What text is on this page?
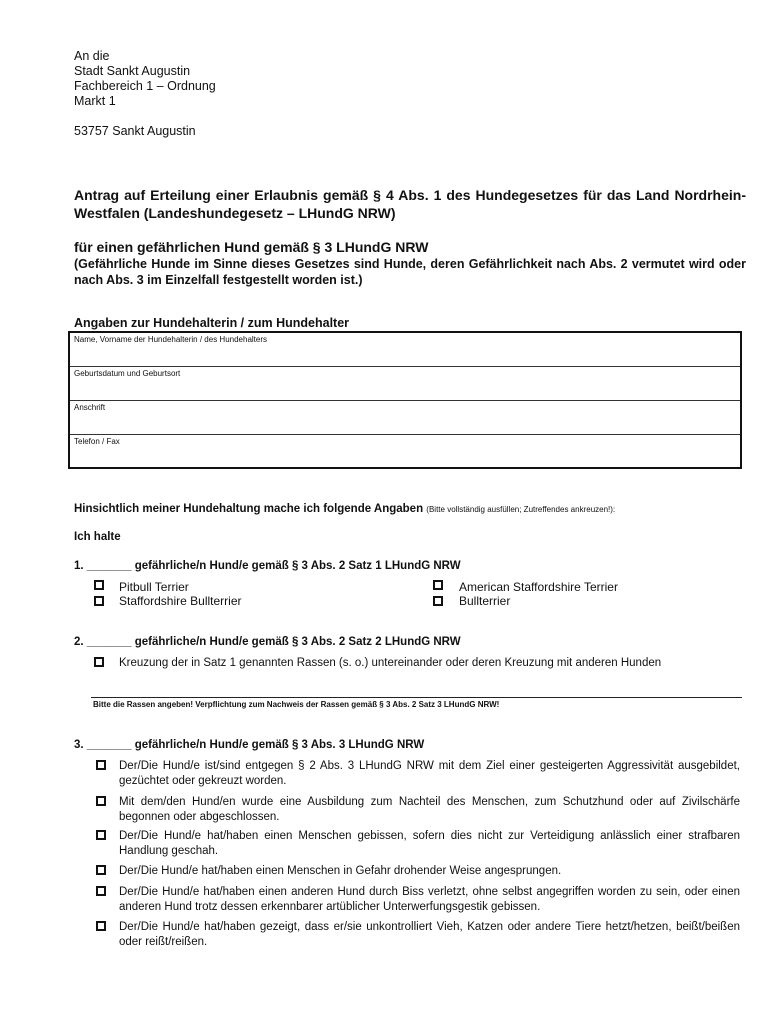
An die
Stadt Sankt Augustin
Fachbereich 1 – Ordnung
Markt 1
53757 Sankt Augustin
Antrag auf Erteilung einer Erlaubnis gemäß § 4 Abs. 1 des Hundegesetzes für das Land Nordrhein-Westfalen (Landeshundegesetz – LHundG NRW)
für einen gefährlichen Hund gemäß § 3 LHundG NRW
(Gefährliche Hunde im Sinne dieses Gesetzes sind Hunde, deren Gefährlichkeit nach Abs. 2 vermutet wird oder nach Abs. 3 im Einzelfall festgestellt worden ist.)
Angaben zur Hundehalterin / zum Hundehalter
Name, Vorname der Hundehalterin / des Hundehalters
Geburtsdatum und Geburtsort
Anschrift
Telefon / Fax
Hinsichtlich meiner Hundehaltung mache ich folgende Angaben (Bitte vollständig ausfüllen; Zutreffendes ankreuzen!):
Ich halte
1. _______ gefährliche/n Hund/e gemäß § 3 Abs. 2 Satz 1 LHundG NRW
Pitbull Terrier
Staffordshire Bullterrier
American Staffordshire Terrier
Bullterrier
2. _______ gefährliche/n Hund/e gemäß § 3 Abs. 2 Satz 2 LHundG NRW
Kreuzung der in Satz 1 genannten Rassen (s. o.) untereinander oder deren Kreuzung mit anderen Hunden
Bitte die Rassen angeben! Verpflichtung zum Nachweis der Rassen gemäß § 3 Abs. 2 Satz 3 LHundG NRW!
3. _______ gefährliche/n Hund/e gemäß § 3 Abs. 3 LHundG NRW
Der/Die Hund/e ist/sind entgegen § 2 Abs. 3 LHundG NRW mit dem Ziel einer gesteigerten Aggressivität ausgebildet, gezüchtet oder gekreuzt worden.
Mit dem/den Hund/en wurde eine Ausbildung zum Nachteil des Menschen, zum Schutzhund oder auf Zivilschärfe begonnen oder abgeschlossen.
Der/Die Hund/e hat/haben einen Menschen gebissen, sofern dies nicht zur Verteidigung anlässlich einer strafbaren Handlung geschah.
Der/Die Hund/e hat/haben einen Menschen in Gefahr drohender Weise angesprungen.
Der/Die Hund/e hat/haben einen anderen Hund durch Biss verletzt, ohne selbst angegriffen worden zu sein, oder einen anderen Hund trotz dessen erkennbarer artüblicher Unterwerfungsgestik gebissen.
Der/Die Hund/e hat/haben gezeigt, dass er/sie unkontrolliert Vieh, Katzen oder andere Tiere hetzt/hetzen, beißt/beißen oder reißt/reißen.
